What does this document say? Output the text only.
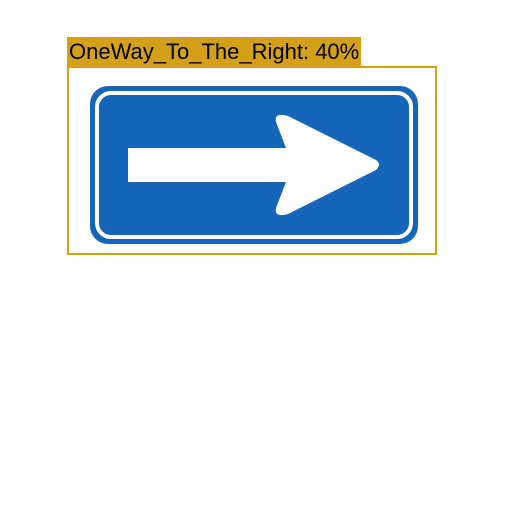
OneWay_To_The_Right: 40%
